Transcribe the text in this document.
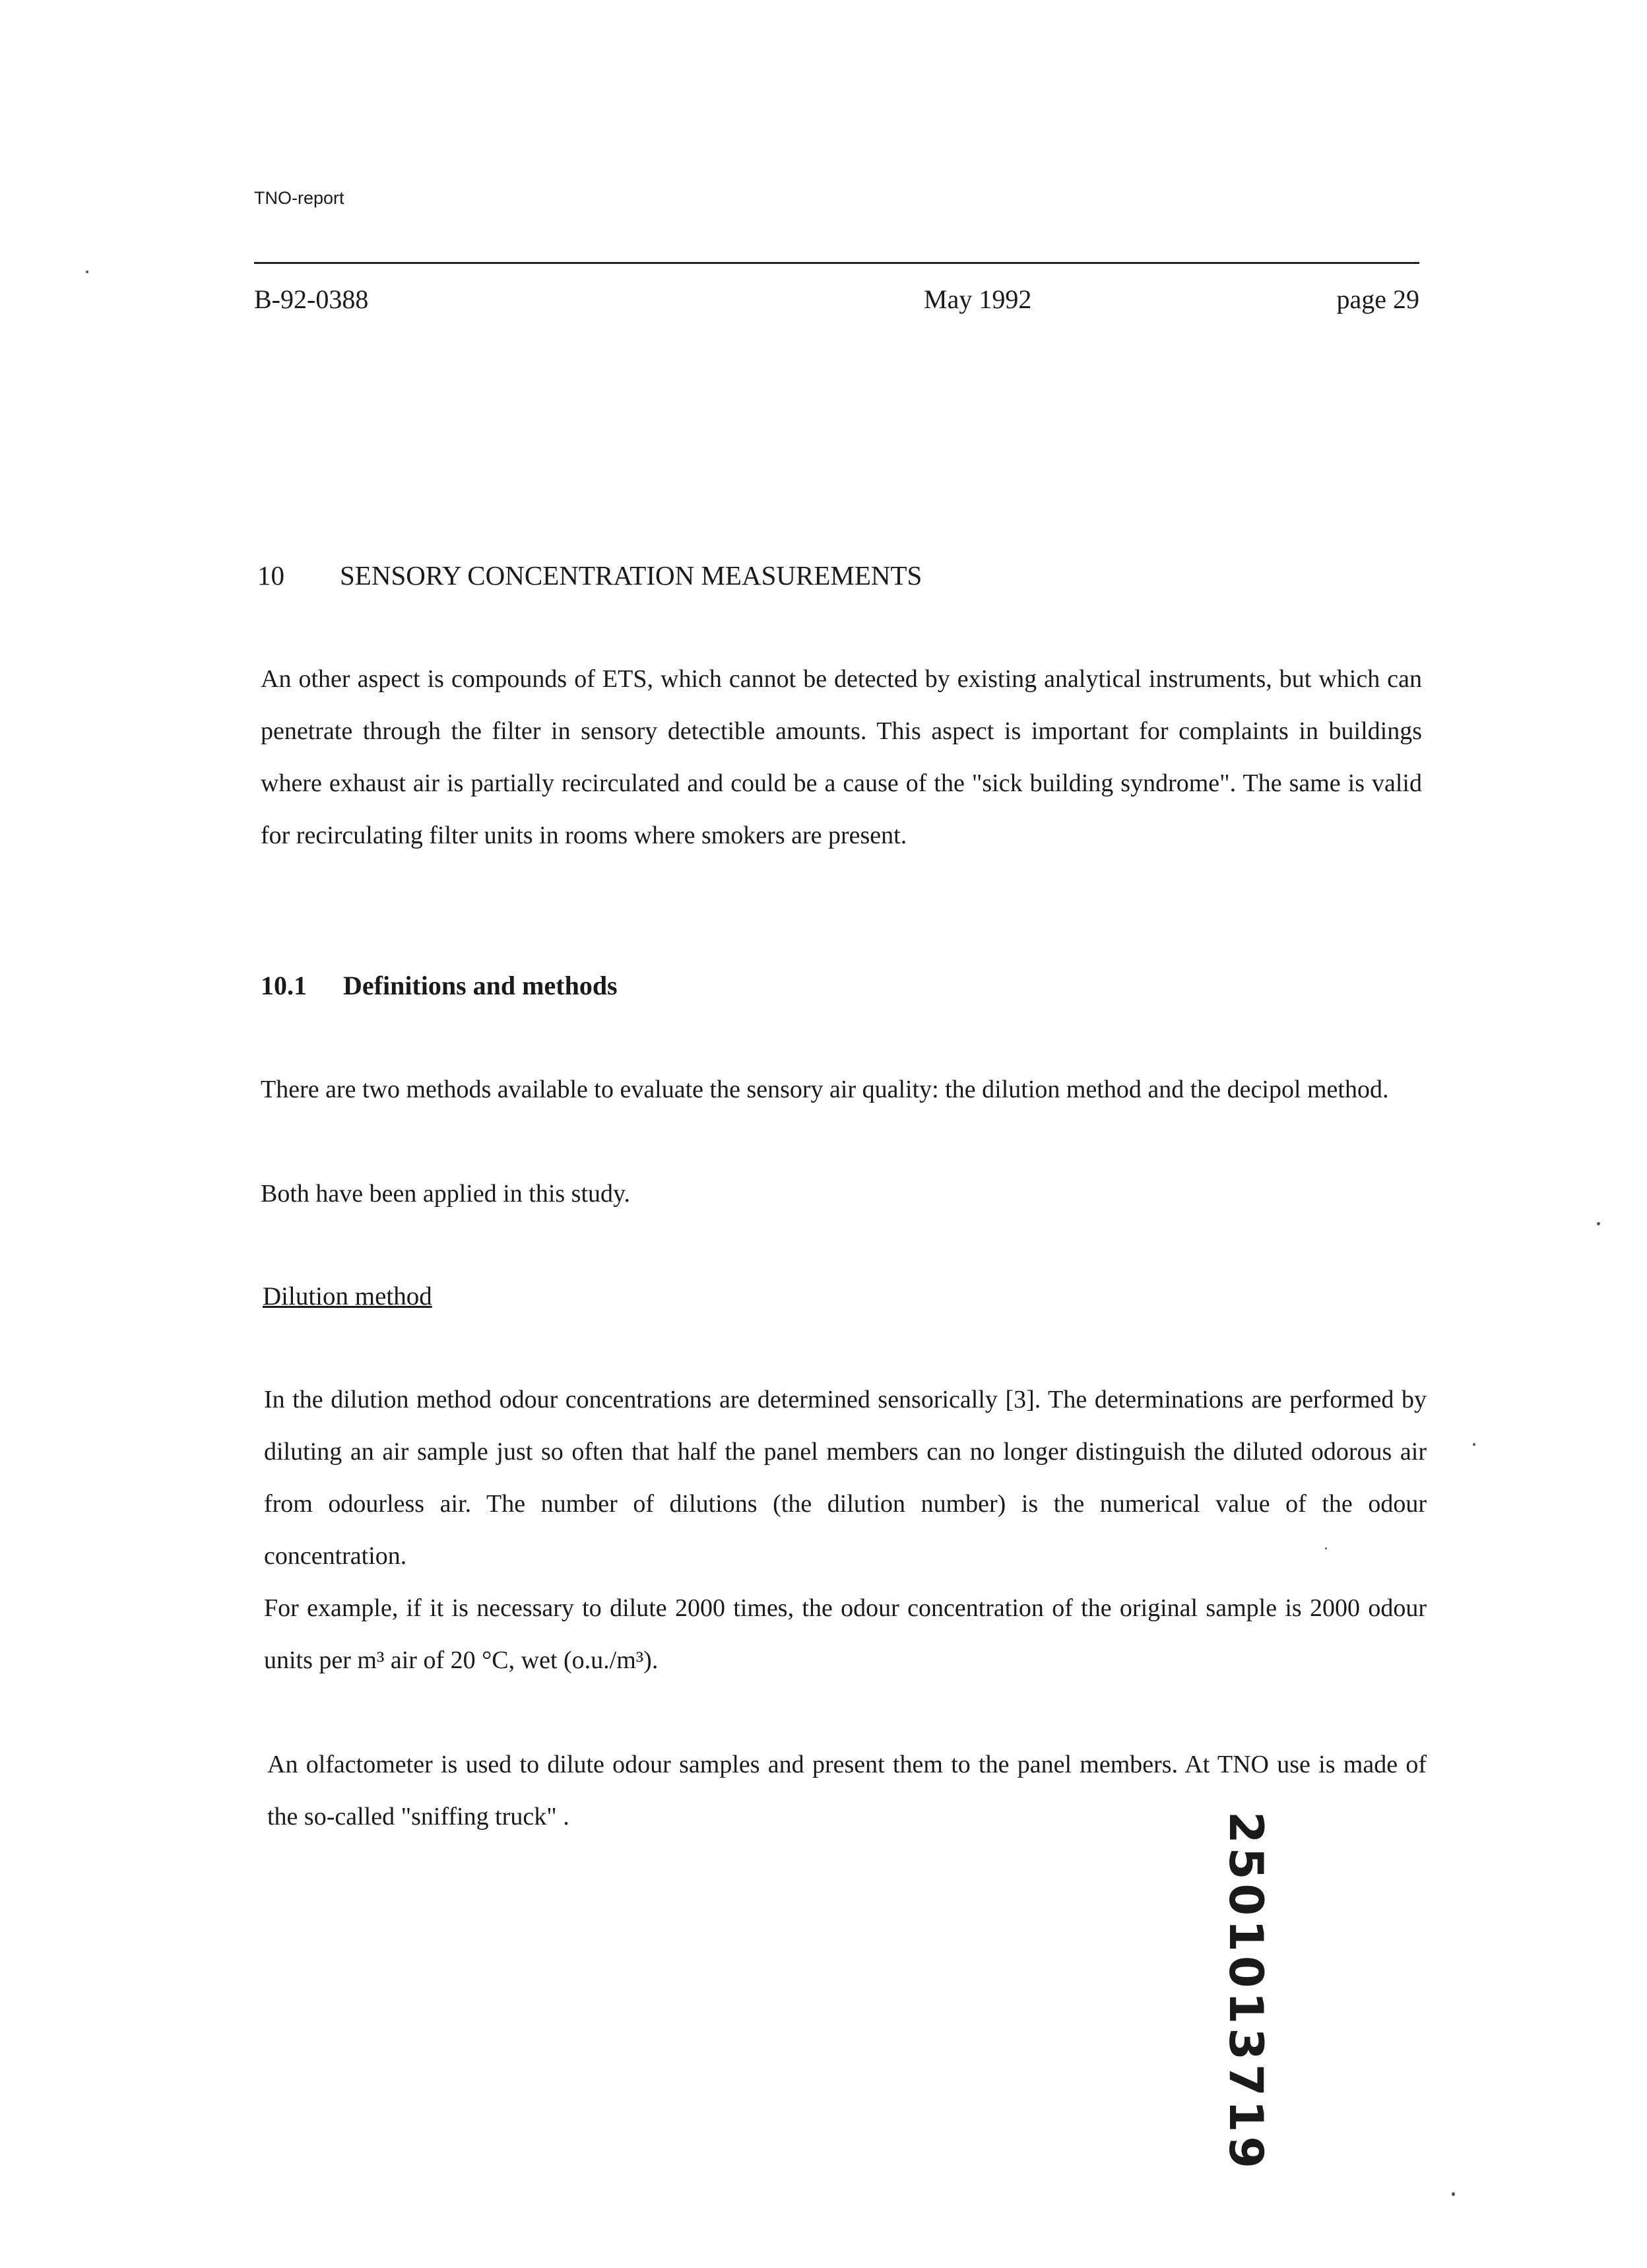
TNO-report
B-92-0388	May 1992	page 29
10 SENSORY CONCENTRATION MEASUREMENTS
An other aspect is compounds of ETS, which cannot be detected by existing analytical instruments, but which can penetrate through the filter in sensory detectible amounts. This aspect is important for complaints in buildings where exhaust air is partially recirculated and could be a cause of the "sick building syndrome". The same is valid for recirculating filter units in rooms where smokers are present.
10.1 Definitions and methods
There are two methods available to evaluate the sensory air quality: the dilution method and the decipol method.
Both have been applied in this study.
Dilution method
In the dilution method odour concentrations are determined sensorically [3]. The determinations are performed by diluting an air sample just so often that half the panel members can no longer distinguish the diluted odorous air from odourless air. The number of dilutions (the dilution number) is the numerical value of the odour concentration.
For example, if it is necessary to dilute 2000 times, the odour concentration of the original sample is 2000 odour units per m³ air of 20 °C, wet (o.u./m³).
An olfactometer is used to dilute odour samples and present them to the panel members. At TNO use is made of the so-called "sniffing truck" .	2501013719
